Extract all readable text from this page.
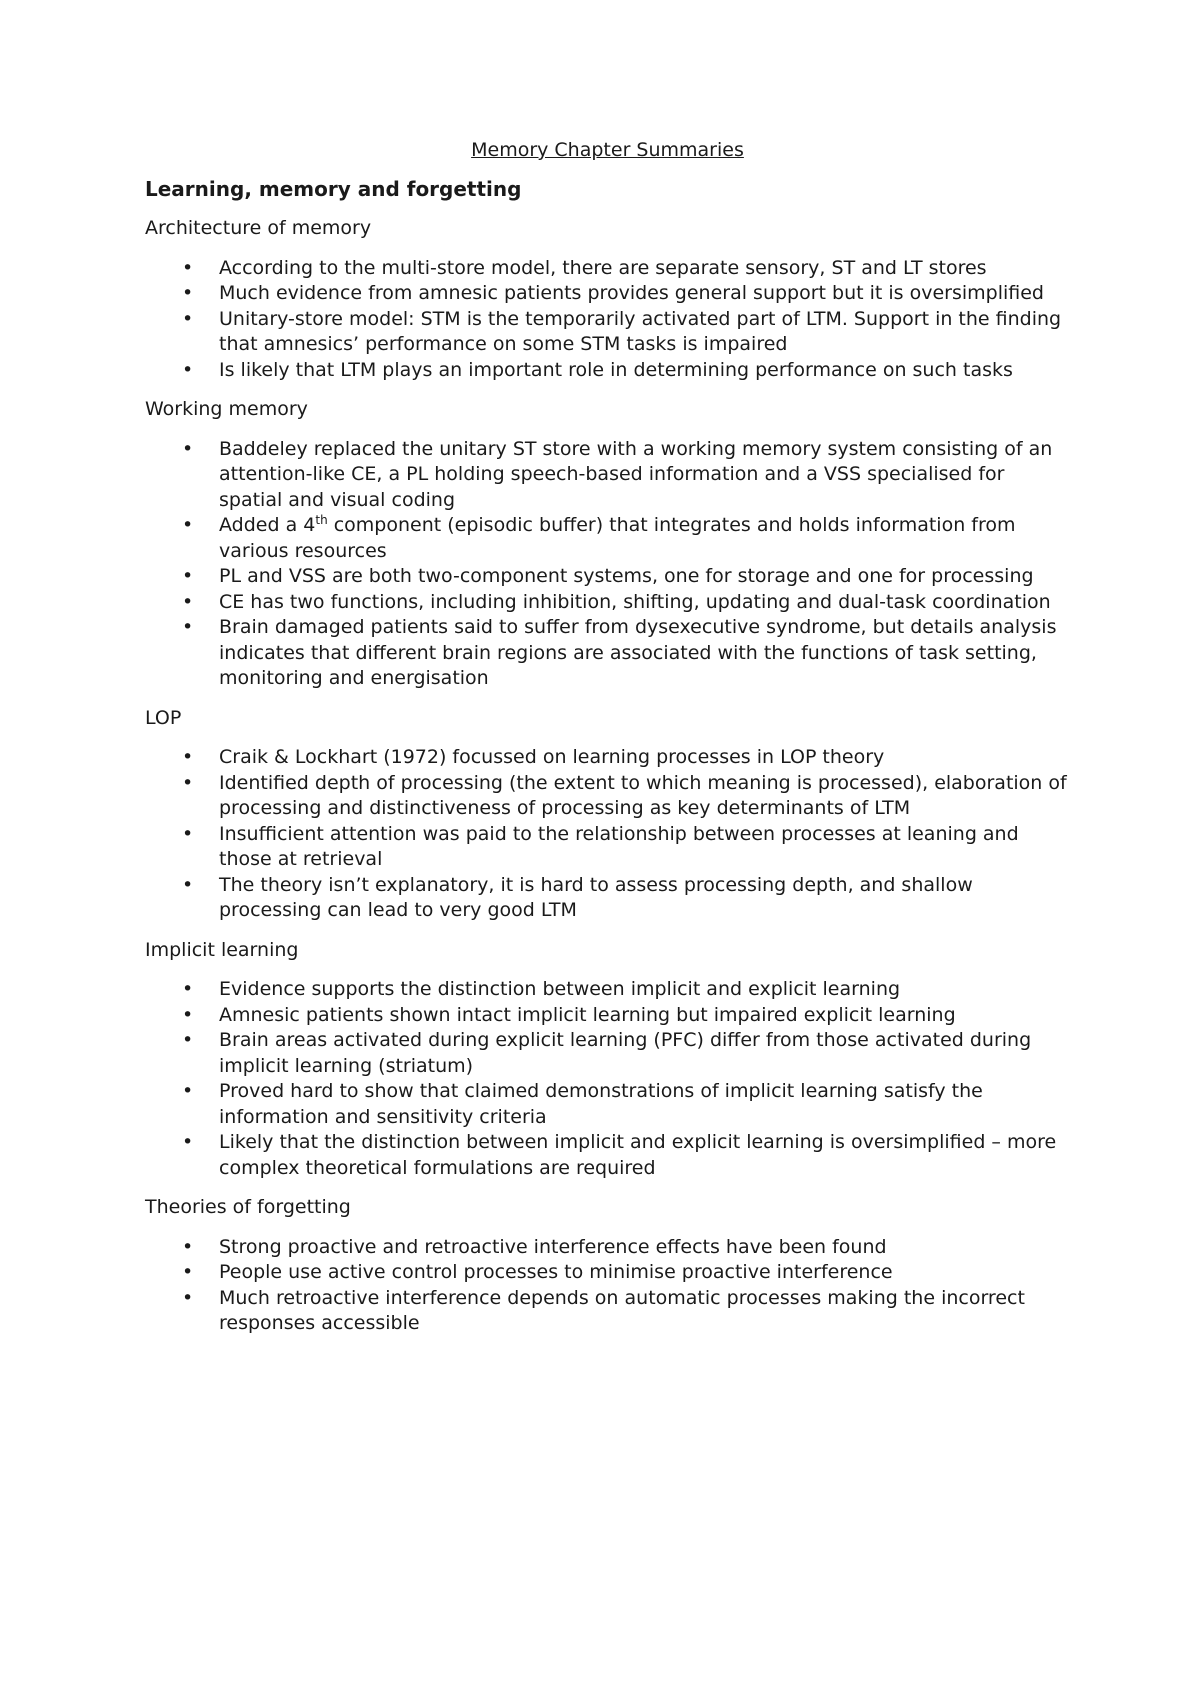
Memory Chapter Summaries
Learning, memory and forgetting
Architecture of memory
• According to the multi-store model, there are separate sensory, ST and LT stores
• Much evidence from amnesic patients provides general support but it is oversimplified
• Unitary-store model: STM is the temporarily activated part of LTM. Support in the finding that amnesics’ performance on some STM tasks is impaired
• Is likely that LTM plays an important role in determining performance on such tasks
Working memory
• Baddeley replaced the unitary ST store with a working memory system consisting of an attention-like CE, a PL holding speech-based information and a VSS specialised for spatial and visual coding
• Added a 4th component (episodic buffer) that integrates and holds information from various resources
• PL and VSS are both two-component systems, one for storage and one for processing
• CE has two functions, including inhibition, shifting, updating and dual-task coordination
• Brain damaged patients said to suffer from dysexecutive syndrome, but details analysis indicates that different brain regions are associated with the functions of task setting, monitoring and energisation
LOP
• Craik & Lockhart (1972) focussed on learning processes in LOP theory
• Identified depth of processing (the extent to which meaning is processed), elaboration of processing and distinctiveness of processing as key determinants of LTM
• Insufficient attention was paid to the relationship between processes at leaning and those at retrieval
• The theory isn’t explanatory, it is hard to assess processing depth, and shallow processing can lead to very good LTM
Implicit learning
• Evidence supports the distinction between implicit and explicit learning
• Amnesic patients shown intact implicit learning but impaired explicit learning
• Brain areas activated during explicit learning (PFC) differ from those activated during implicit learning (striatum)
• Proved hard to show that claimed demonstrations of implicit learning satisfy the information and sensitivity criteria
• Likely that the distinction between implicit and explicit learning is oversimplified – more complex theoretical formulations are required
Theories of forgetting
• Strong proactive and retroactive interference effects have been found
• People use active control processes to minimise proactive interference
• Much retroactive interference depends on automatic processes making the incorrect responses accessible
